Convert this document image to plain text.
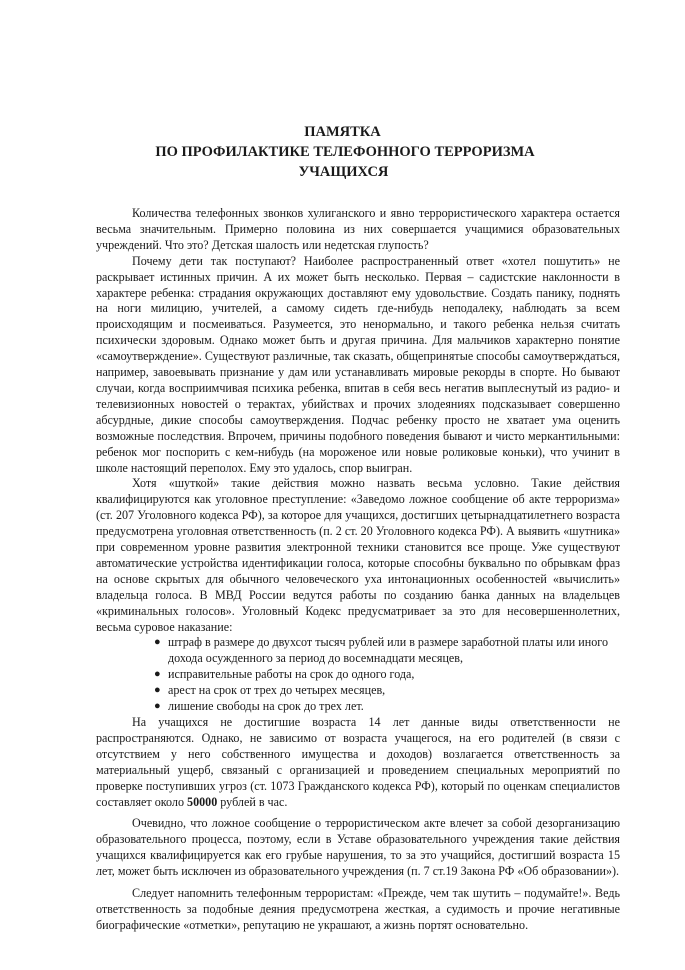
ПАМЯТКА
ПО ПРОФИЛАКТИКЕ ТЕЛЕФОННОГО ТЕРРОРИЗМА
УЧАЩИХСЯ

Количества телефонных звонков хулиганского и явно террористического характера остается весьма значительным. Примерно половина из них совершается учащимися образовательных учреждений. Что это? Детская шалость или недетская глупость?

Почему дети так поступают? Наиболее распространенный ответ «хотел пошутить» не раскрывает истинных причин. А их может быть несколько. Первая – садистские наклонности в характере ребенка: страдания окружающих доставляют ему удовольствие. Создать панику, поднять на ноги милицию, учителей, а самому сидеть где-нибудь неподалеку, наблюдать за всем происходящим и посмеиваться. Разумеется, это ненормально, и такого ребенка нельзя считать психически здоровым. Однако может быть и другая причина. Для мальчиков характерно понятие «самоутверждение». Существуют различные, так сказать, общепринятые способы самоутверждаться, например, завоевывать признание у дам или устанавливать мировые рекорды в спорте. Но бывают случаи, когда восприимчивая психика ребенка, впитав в себя весь негатив выплеснутый из радио- и телевизионных новостей о терактах, убийствах и прочих злодеяниях подсказывает совершенно абсурдные, дикие способы самоутверждения. Подчас ребенку просто не хватает ума оценить возможные последствия. Впрочем, причины подобного поведения бывают и чисто меркантильными: ребенок мог поспорить с кем-нибудь (на мороженое или новые роликовые коньки), что учинит в школе настоящий переполох. Ему это удалось, спор выигран.

Хотя «шуткой» такие действия можно назвать весьма условно. Такие действия квалифицируются как уголовное преступление: «Заведомо ложное сообщение об акте терроризма» (ст. 207 Уголовного кодекса РФ), за которое для учащихся, достигших цетырнадцатилетнего возраста предусмотрена уголовная ответственность (п. 2 ст. 20 Уголовного кодекса РФ). А выявить «шутника» при современном уровне развития электронной техники становится все проще. Уже существуют автоматические устройства идентификации голоса, которые способны буквально по обрывкам фраз на основе скрытых для обычного человеческого уха интонационных особенностей «вычислить» владельца голоса. В МВД России ведутся работы по созданию банка данных на владельцев «криминальных голосов». Уголовный Кодекс предусматривает за это для несовершеннолетних, весьма суровое наказание:

● штраф в размере до двухсот тысяч рублей или в размере заработной платы или иного дохода осужденного за период до восемнадцати месяцев,
● исправительные работы на срок до одного года,
● арест на срок от трех до четырех месяцев,
● лишение свободы на срок до трех лет.

На учащихся не достигшие возраста 14 лет данные виды ответственности не распространяются. Однако, не зависимо от возраста учащегося, на его родителей (в связи с отсутствием у него собственного имущества и доходов) возлагается ответственность за материальный ущерб, связаный с организацией и проведением специальных мероприятий по проверке поступивших угроз (ст. 1073 Гражданского кодекса РФ), который по оценкам специалистов составляет около 50000 рублей в час.

Очевидно, что ложное сообщение о террористическом акте влечет за собой дезорганизацию образовательного процесса, поэтому, если в Уставе образовательного учреждения такие действия учащихся квалифицируется как его грубые нарушения, то за это учащийся, достигший возраста 15 лет, может быть исключен из образовательного учреждения (п. 7 ст.19 Закона РФ «Об образовании»).

Следует напомнить телефонным террористам: «Прежде, чем так шутить – подумайте!». Ведь ответственность за подобные деяния предусмотрена жесткая, а судимость и прочие негативные биографические «отметки», репутацию не украшают, а жизнь портят основательно.
